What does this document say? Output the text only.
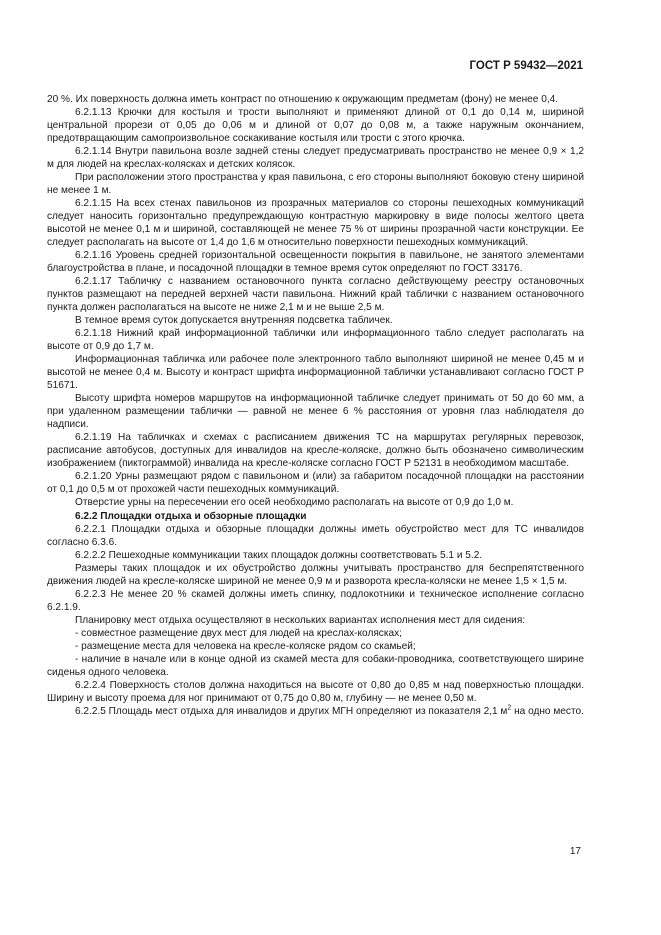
ГОСТ Р 59432—2021

20 %. Их поверхность должна иметь контраст по отношению к окружающим предметам (фону) не менее 0,4.

6.2.1.13 Крючки для костыля и трости выполняют и применяют длиной от 0,1 до 0,14 м, шириной центральной прорези от 0,05 до 0,06 м и длиной от 0,07 до 0,08 м, а также наружным окончанием, предотвращающим самопроизвольное соскакивание костыля или трости с этого крючка.

6.2.1.14 Внутри павильона возле задней стены следует предусматривать пространство не менее 0,9 × 1,2 м для людей на креслах-колясках и детских колясок.

При расположении этого пространства у края павильона, с его стороны выполняют боковую стену шириной не менее 1 м.

6.2.1.15 На всех стенах павильонов из прозрачных материалов со стороны пешеходных коммуникаций следует наносить горизонтально предупреждающую контрастную маркировку в виде полосы желтого цвета высотой не менее 0,1 м и шириной, составляющей не менее 75 % от ширины прозрачной части конструкции. Ее следует располагать на высоте от 1,4 до 1,6 м относительно поверхности пешеходных коммуникаций.

6.2.1.16 Уровень средней горизонтальной освещенности покрытия в павильоне, не занятого элементами благоустройства в плане, и посадочной площадки в темное время суток определяют по ГОСТ 33176.

6.2.1.17 Табличку с названием остановочного пункта согласно действующему реестру остановочных пунктов размещают на передней верхней части павильона. Нижний край таблички с названием остановочного пункта должен располагаться на высоте не ниже 2,1 м и не выше 2,5 м.

В темное время суток допускается внутренняя подсветка табличек.

6.2.1.18 Нижний край информационной таблички или информационного табло следует располагать на высоте от 0,9 до 1,7 м.

Информационная табличка или рабочее поле электронного табло выполняют шириной не менее 0,45 м и высотой не менее 0,4 м. Высоту и контраст шрифта информационной таблички устанавливают согласно ГОСТ Р 51671.

Высоту шрифта номеров маршрутов на информационной табличке следует принимать от 50 до 60 мм, а при удаленном размещении таблички — равной не менее 6 % расстояния от уровня глаз наблюдателя до надписи.

6.2.1.19 На табличках и схемах с расписанием движения ТС на маршрутах регулярных перевозок, расписание автобусов, доступных для инвалидов на кресле-коляске, должно быть обозначено символическим изображением (пиктограммой) инвалида на кресле-коляске согласно ГОСТ Р 52131 в необходимом масштабе.

6.2.1.20 Урны размещают рядом с павильоном и (или) за габаритом посадочной площадки на расстоянии от 0,1 до 0,5 м от прохожей части пешеходных коммуникаций.

Отверстие урны на пересечении его осей необходимо располагать на высоте от 0,9 до 1,0 м.

6.2.2 Площадки отдыха и обзорные площадки

6.2.2.1 Площадки отдыха и обзорные площадки должны иметь обустройство мест для ТС инвалидов согласно 6.3.6.

6.2.2.2 Пешеходные коммуникации таких площадок должны соответствовать 5.1 и 5.2.

Размеры таких площадок и их обустройство должны учитывать пространство для беспрепятственного движения людей на кресле-коляске шириной не менее 0,9 м и разворота кресла-коляски не менее 1,5 × 1,5 м.

6.2.2.3 Не менее 20 % скамей должны иметь спинку, подлокотники и техническое исполнение согласно 6.2.1.9.

Планировку мест отдыха осуществляют в нескольких вариантах исполнения мест для сидения:

- совместное размещение двух мест для людей на креслах-колясках;

- размещение места для человека на кресле-коляске рядом со скамьей;

- наличие в начале или в конце одной из скамей места для собаки-проводника, соответствующего ширине сиденья одного человека.

6.2.2.4 Поверхность столов должна находиться на высоте от 0,80 до 0,85 м над поверхностью площадки. Ширину и высоту проема для ног принимают от 0,75 до 0,80 м, глубину — не менее 0,50 м.

6.2.2.5 Площадь мест отдыха для инвалидов и других МГН определяют из показателя 2,1 $м^2$ на одно место.

17
